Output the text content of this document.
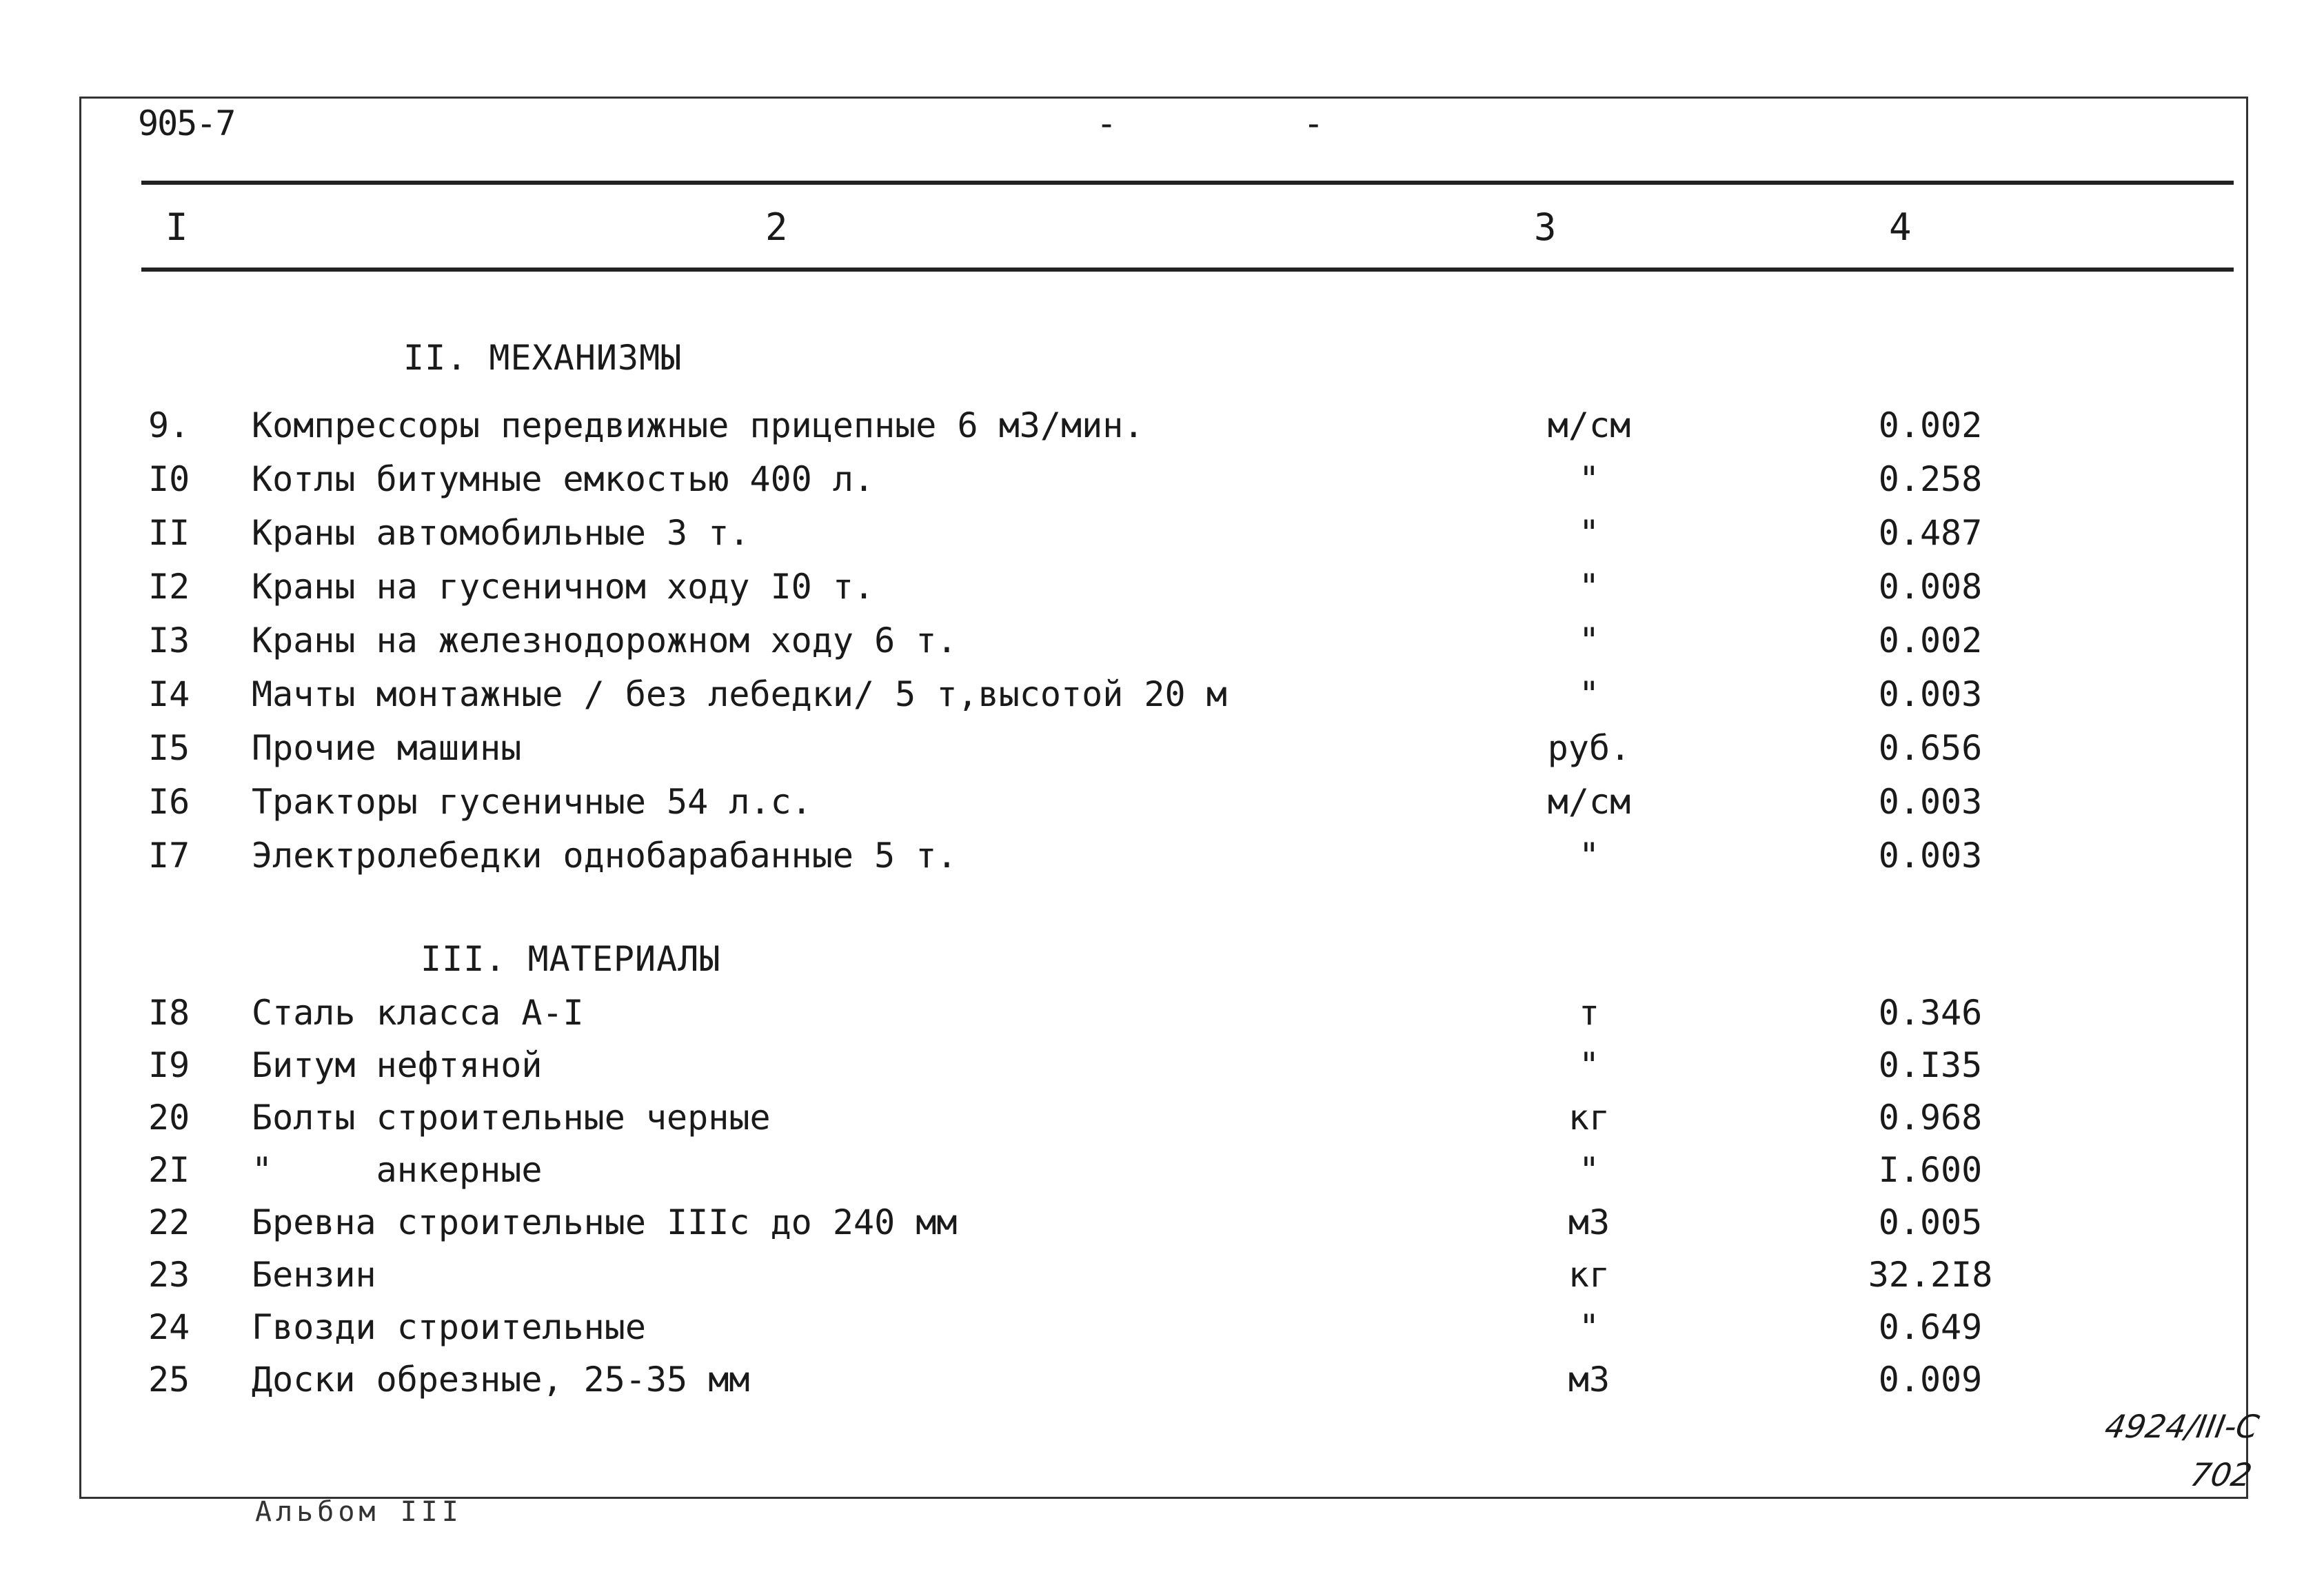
905-7	- -
I	2	3	4
II. МЕХАНИЗМЫ
9.	Компрессоры передвижные прицепные 6 м3/мин.	м/см	0.002
I0	Котлы битумные емкостью 400 л.	"	0.258
II	Краны автомобильные 3 т.	"	0.487
I2	Краны на гусеничном ходу I0 т.	"	0.008
I3	Краны на железнодорожном ходу 6 т.	"	0.002
I4	Мачты монтажные / без лебедки/ 5 т,высотой 20 м	"	0.003
I5	Прочие машины	руб.	0.656
I6	Тракторы гусеничные 54 л.с.	м/см	0.003
I7	Электролебедки однобарабанные 5 т.	"	0.003
III. МАТЕРИАЛЫ
I8	Сталь класса А-I	т	0.346
I9	Битум нефтяной	"	0.I35
20	Болты строительные черные	кг	0.968
2I	"     анкерные	"	I.600
22	Бревна строительные IIIс до 240 мм	м3	0.005
23	Бензин	кг	32.2I8
24	Гвозди строительные	"	0.649
25	Доски обрезные, 25-35 мм	м3	0.009
4924/III-С
702
Альбом III
